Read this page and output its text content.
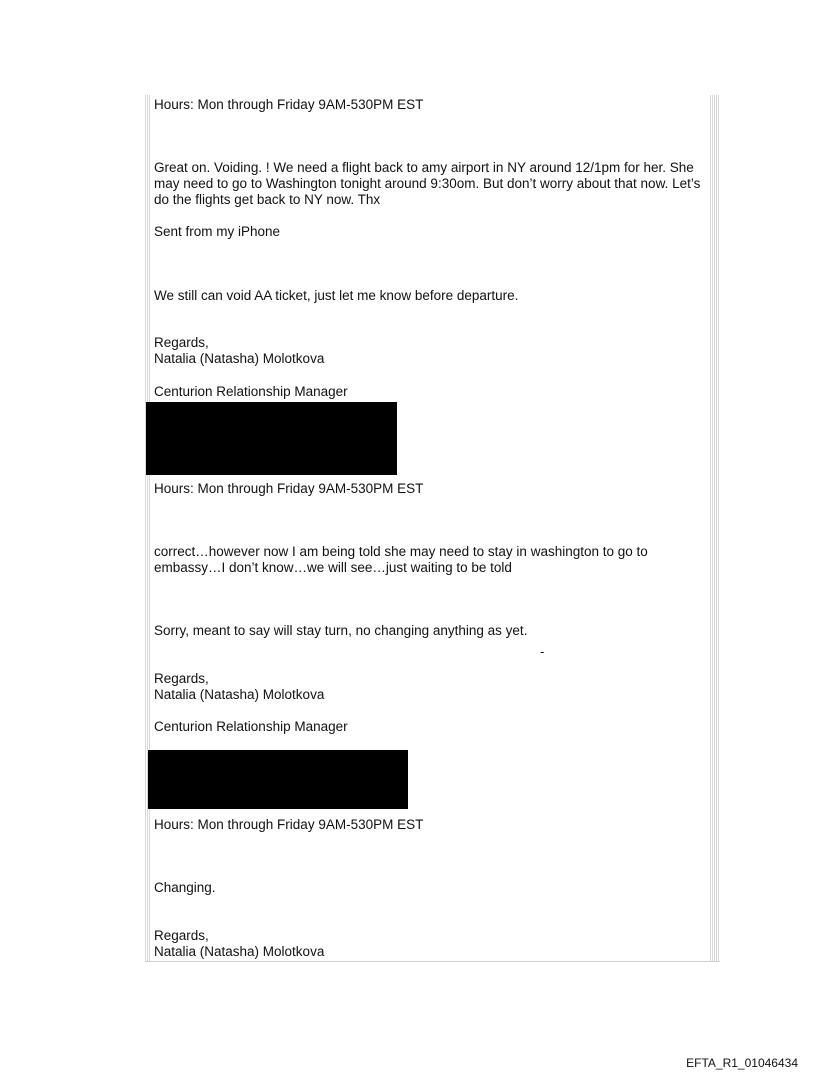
Hours: Mon through Friday 9AM-530PM EST
Great on. Voiding. ! We need a flight back to amy airport in NY around 12/1pm for her. She may need to go to Washington tonight around 9:30om. But don’t worry about that now. Let’s do the flights get back to NY now. Thx
Sent from my iPhone
We still can void AA ticket, just let me know before departure.
Regards,
Natalia (Natasha) Molotkova
Centurion Relationship Manager
Hours: Mon through Friday 9AM-530PM EST
correct…however now I am being told she may need to stay in washington to go to embassy…I don’t know…we will see…just waiting to be told
Sorry, meant to say will stay turn, no changing anything as yet.
Regards,
Natalia (Natasha) Molotkova
Centurion Relationship Manager
Hours: Mon through Friday 9AM-530PM EST
Changing.
Regards,
Natalia (Natasha) Molotkova
-
EFTA_R1_01046434
